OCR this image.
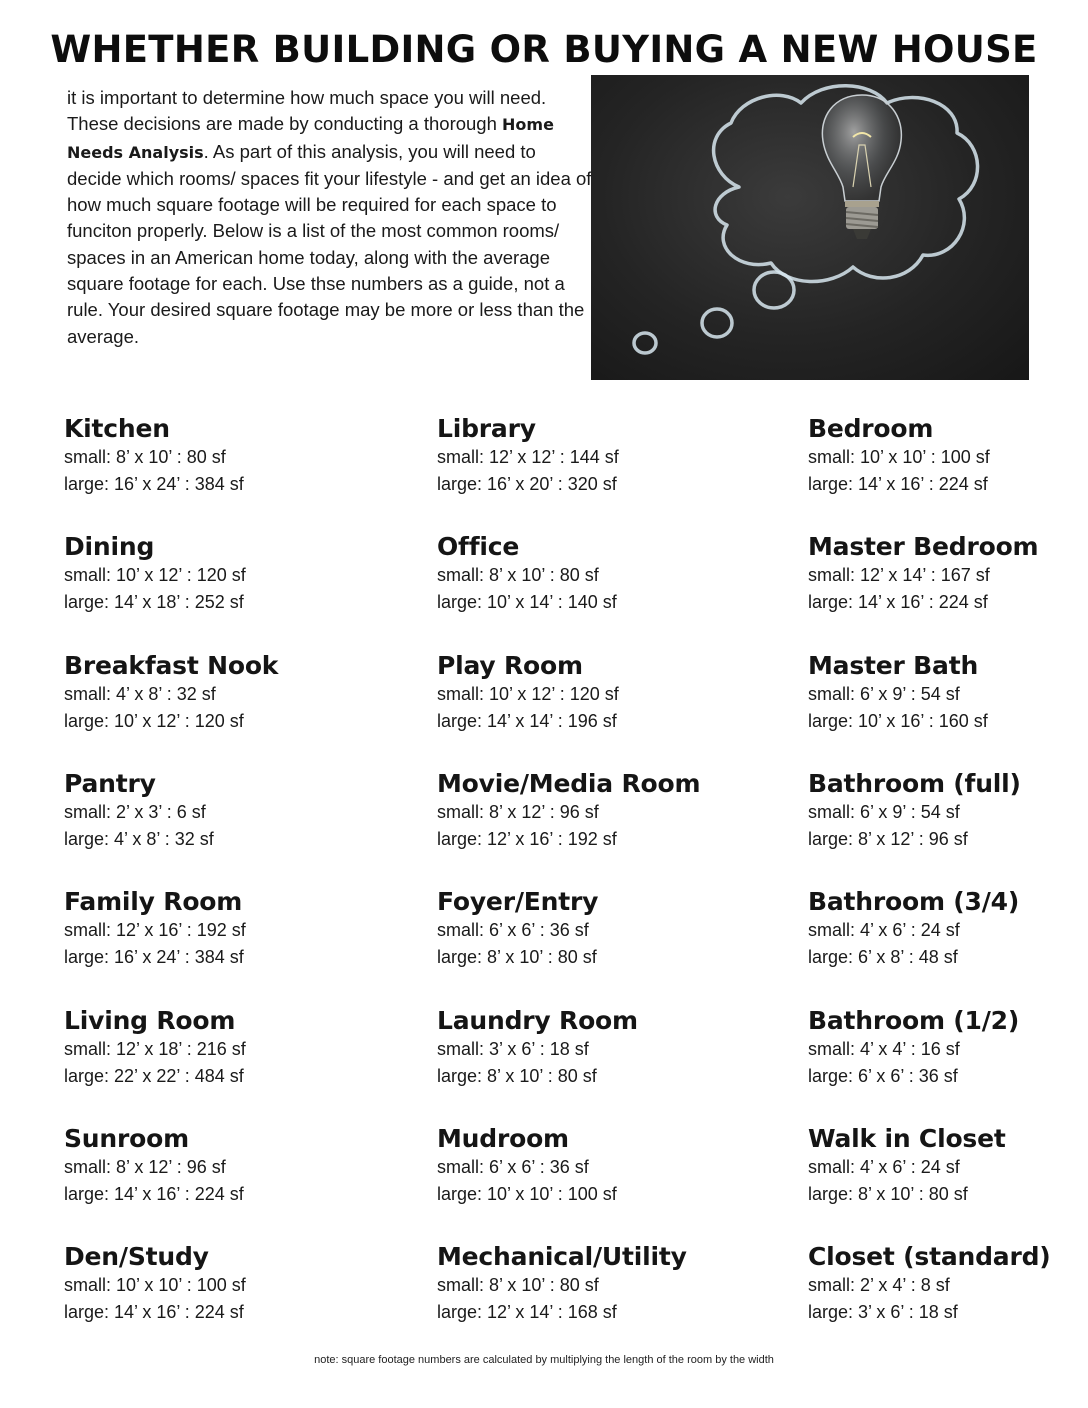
WHETHER BUILDING OR BUYING A NEW HOUSE
it is important to determine how much space you will need. These decisions are made by conducting a thorough Home Needs Analysis. As part of this analysis, you will need to decide which rooms/ spaces fit your lifestyle - and get an idea of how much square footage will be required for each space to funciton properly. Below is a list of the most common rooms/ spaces in an American home today, along with the average square footage for each. Use thse numbers as a guide, not a rule. Your desired square footage may be more or less than the average.
Kitchen
small: 8’ x 10’ : 80 sf
large: 16’ x 24’ : 384 sf
Dining
small: 10’ x 12’ : 120 sf
large: 14’ x 18’ : 252 sf
Breakfast Nook
small: 4’ x 8’ : 32 sf
large: 10’ x 12’ : 120 sf
Pantry
small: 2’ x 3’ : 6 sf
large: 4’ x 8’ : 32 sf
Family Room
small: 12’ x 16’ : 192 sf
large: 16’ x 24’ : 384 sf
Living Room
small: 12’ x 18’ : 216 sf
large: 22’ x 22’ : 484 sf
Sunroom
small: 8’ x 12’ : 96 sf
large: 14’ x 16’ : 224 sf
Den/Study
small: 10’ x 10’ : 100 sf
large: 14’ x 16’ : 224 sf
Library
small: 12’ x 12’ : 144 sf
large: 16’ x 20’ : 320 sf
Office
small: 8’ x 10’ : 80 sf
large: 10’ x 14’ : 140 sf
Play Room
small: 10’ x 12’ : 120 sf
large: 14’ x 14’ : 196 sf
Movie/Media Room
small: 8’ x 12’ : 96 sf
large: 12’ x 16’ : 192 sf
Foyer/Entry
small: 6’ x 6’ : 36 sf
large: 8’ x 10’ : 80 sf
Laundry Room
small: 3’ x 6’ : 18 sf
large: 8’ x 10’ : 80 sf
Mudroom
small: 6’ x 6’ : 36 sf
large: 10’ x 10’ : 100 sf
Mechanical/Utility
small: 8’ x 10’ : 80 sf
large: 12’ x 14’ : 168 sf
Bedroom
small: 10’ x 10’ : 100 sf
large: 14’ x 16’ : 224 sf
Master Bedroom
small: 12’ x 14’ : 167 sf
large: 14’ x 16’ : 224 sf
Master Bath
small: 6’ x 9’ : 54 sf
large: 10’ x 16’ : 160 sf
Bathroom (full)
small: 6’ x 9’ : 54 sf
large: 8’ x 12’ : 96 sf
Bathroom (3/4)
small: 4’ x 6’ : 24 sf
large: 6’ x 8’ : 48 sf
Bathroom (1/2)
small: 4’ x 4’ : 16 sf
large: 6’ x 6’ : 36 sf
Walk in Closet
small: 4’ x 6’ : 24 sf
large: 8’ x 10’ : 80 sf
Closet (standard)
small: 2’ x 4’ : 8 sf
large: 3’ x 6’ : 18 sf
note: square footage numbers are calculated by multiplying the length of the room by the width
